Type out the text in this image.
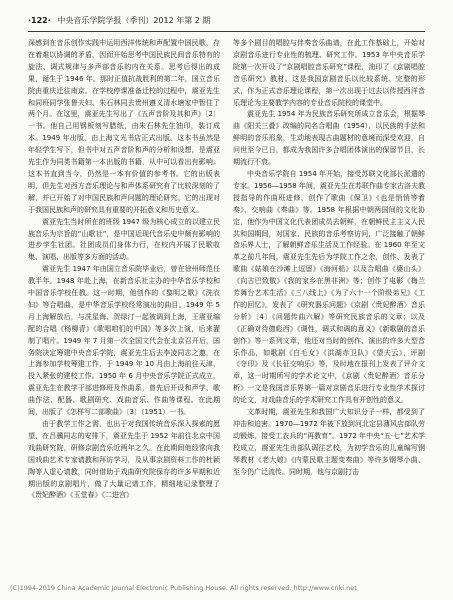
·122· 中央音乐学院学报（季刊）2012 年第 2 期

深感到在音乐创作实践中运用西洋传统和声配置中国民歌，存在着难以协调的矛盾，因而开始思考中国民族民间音乐特有的旋法、调式规律与多声部音乐的内在关系。思考后得出的成果，诞生于 1946 年。那时正值抗战胜利的第二年，国立音乐院由重庆迁往南京。在学校停课准备迁校的过程中，震亚先生和同班同学张鲁夫妇、朱石林同去贵州遵义清水塘家中暂住了两个月。在这里，震亚先生写出了《五声音阶及其和声》〔2〕一书。他自己用钢板刻写腊纸，由朱石林先生油印，装订成本。1949 年出版，由上海文光书店正式出版。这本书虽然是年轻学生写下，但书中对五声音阶和声的分析和设想，是震亚先生作为同类书籍第一本出版的书籍，从中可以看出有影响。这本书直到当今，仍然是一本有价值的参考书。它的出版表明，但先生对西方音乐理论与和声体系研究有了比较深刻的了解，并已开始了对中国民族和声问题的理论研究。它的出现对于我国民族和声的研究具有重要的开拓意义和历史意义。

震亚先生当时所在的班级 1947 级为核心成立的以建立民族音乐为宗旨的“山歌社”，是中国近现代音乐史中颇有影响的进步学生社团。社团成员们身体力行，在校内开展了民歌收集、演唱、出版等多方面的活动。

震亚先生 1947 年由国立音乐院毕业后，曾在徐州师范任教半年。1948 年赴上海，在新音乐社主办的中华音乐学校和中国音乐学校任教。这一时期，他创作的《黎明之歌》《洗衣妇》等合唱曲，是中华音乐学校经常演出的曲目。1949 年 5 月上海解放后，与冼星海、贺绿汀一起被调到上海，王震亚编配的合唱《杨柳青》《歌唱咱们的中国》等多次上演，后来灌制了唱片。1949 年 7 月第一次全国文代会在北京召开后，国务院决定筹建中央音乐学院，震亚先生后去李凌同志之邀，在上海参加学校筹建工作，于 1949 年 10 月由上海前往天津，投入紧张的建校工作。1950 年 6 月中央音乐学院正式成立，震亚先生在教学干部进修班及作曲系，曾先后开设和声学、歌曲作法、配器、歌剧研究、戏曲音乐、作曲等课程。在此期间，出版了《怎样写二部歌曲》〔3〕（1951）一书。

由于教学工作之需，也出于对我国传统音乐深入探索的愿望，在吕骥同志的安排下，震亚先生于 1952 年前往北京中国戏曲研究院，研修京剧音乐近两年之久。在此期间他经常向我国戏曲艺术专家请教和拜访学习，及从事京剧资料工作的杜颖陶等人虚心请教，同时借助于戏曲研究院保存的许多早期和近期出版的京剧唱片，做了大量记谱工作，精细地记录整理了《贵妃醉酒》《玉堂春》《二进宫》

等多个剧目的唱腔与伴奏音乐曲谱，在此工作基础上，开始对京剧音乐进行专业性的梳理、研究工作。1953 年中央音乐学院第一次开设了“京剧唱腔音乐研究”课程，油印了《京剧唱腔音乐研究》教材。这是我国京剧音乐以比较系统、完整的形式，作为正式音乐理论课程，第一次出现于过去以传授西洋音乐理论为主要教学内容的专业音乐院校的课堂中。

震亚先生 1954 年为民族音乐研究所成立音乐会，根据琴曲《阳关三叠》改编的同名合唱曲（1954），以民族的手法和鲜明的音乐形象，生动地表现古曲题材的意境而深受欢迎，自问世至今已日，都成为我国许多合唱团体演出的保留节目，长期流行不衰。

中央音乐学院自 1954 年开始，接受苏联文化部长派遣的专家。1956—1958 年间，震亚先生在苏联作曲专家古洛夫教授指导的作曲班进修，创作了歌曲《保卫》《也是悄悄等着奏》，交响曲《奏曲》等。1958 年根据中朝两国间的文化协定，他作为中国文化代表团成员去朝鲜，在朝鲜民主主义人民共和国期间，对国家、民族的音乐考察访问，广泛接触了朝鲜音乐界人士，了解朝鲜音乐生活及工作经验。在 1960 年至文革之前几年间，震亚先生先后为学院工作之余，创作、发表了歌曲《姑娘在沙滩上逗留》《海河船》以及合唱曲《婆山头》《向古巴致敬》《我的家乡在黑非洲》等；创作了电影《梅兰芳舞台艺术生活》《三八线上》《为了六十一个阶级弟兄》《工作的回忆》。发表了《研究器乐问题》《京剧〈贵妃醉酒〉音乐分析》〔4〕《问题传曲六解》等研究民族音乐的文章；以及《正确对待德彪西》《调性，调式和调的意义》《新歌剧的音乐创作》等一系列文章，他还对当时的创作、演出的许多大型音乐作品，如歌剧《白毛女》《洪湖赤卫队》《望夫云》，评剧《夺印》及《长征交响乐》等，及时地在报刊上发表了评介文章，这一时期所写的学术论文中，《京剧〈贵妃醉酒〉音乐分析》一文是我国音乐界第一篇对京剧音乐进行专业性学术探讨的论文，对戏曲音乐的学术研究工作具有开创性的意义。

文革时期，震亚先生和我国广大知识分子一样，都受到了冲击和迫害。1970—1972 年被下放到河北定县薄风店部队劳动锻炼，接受工农兵的“再教育”。1972 年中央“五·七”艺术学校成立，震亚先生由部队调往艺校，为初学音乐的儿童编写钢琴教材《老大娘》《内蒙民歌主题变奏曲》等许多钢琴小曲，至今仍广泛流传。同时期，他与京剧打击

(C)1994-2019 China Academic Journal Electronic Publishing House. All rights reserved. http://www.cnki.net
